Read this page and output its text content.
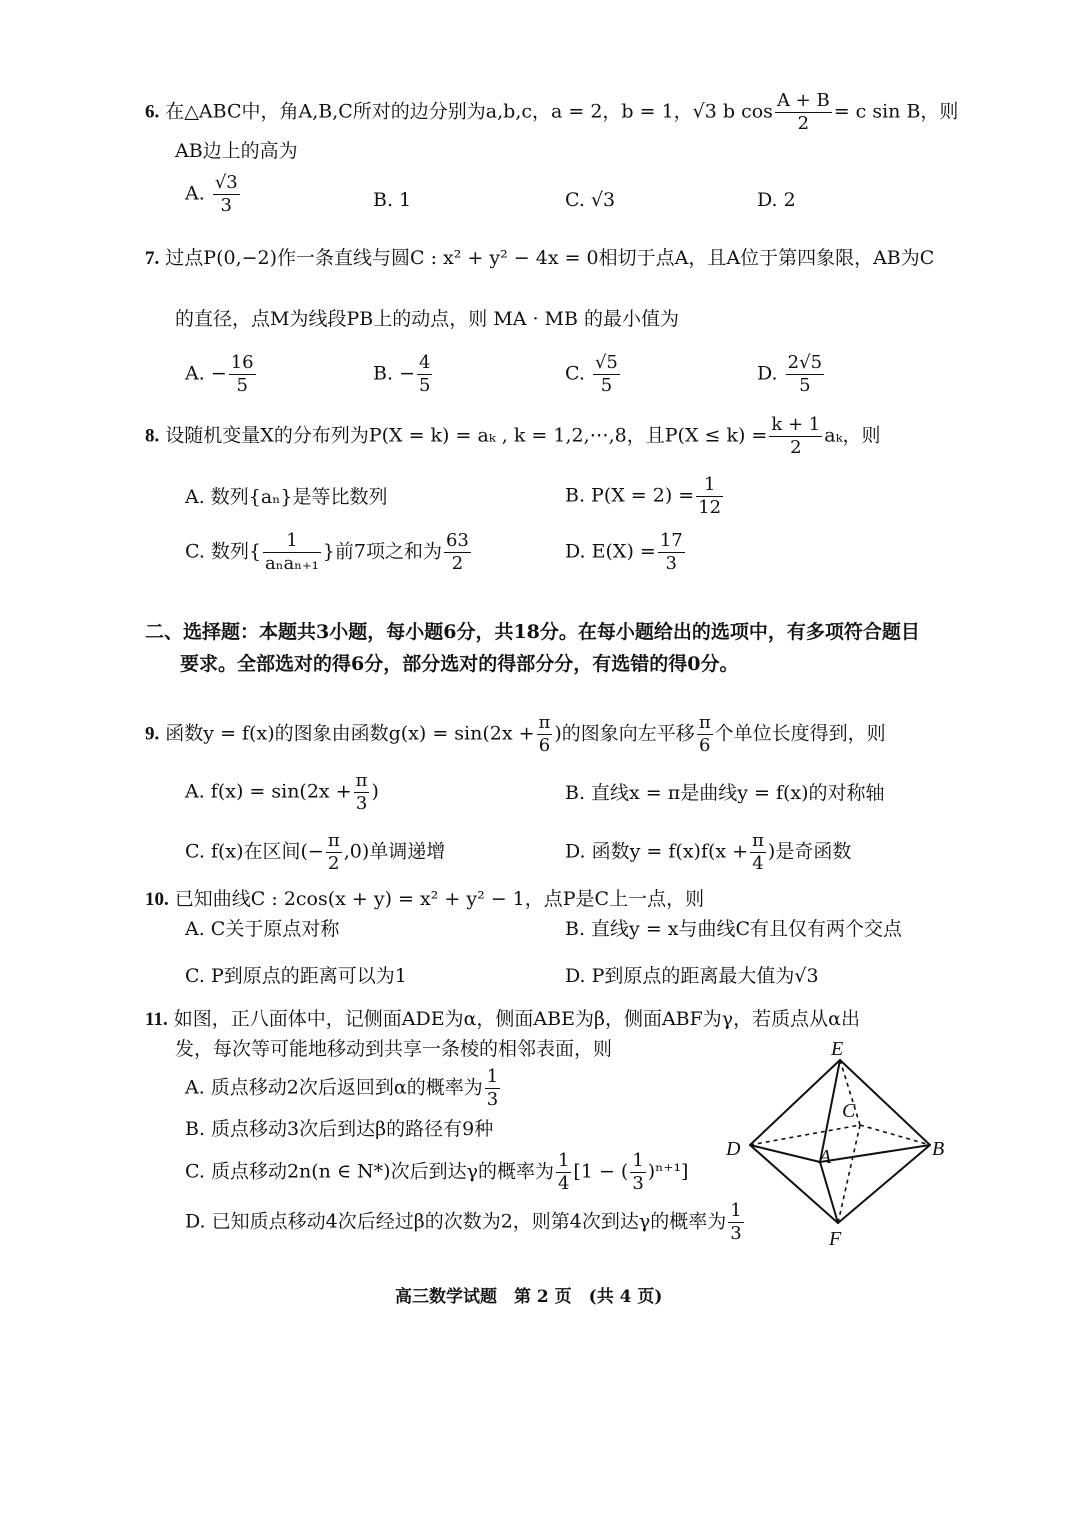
6. 在△ABC中，角A,B,C所对的边分别为a,b,c，a = 2，b = 1，√3 b $\cos \frac{A + B}{2} = c$ sin B，则
AB边上的高为
A. $\frac{√3}{3}$	B. 1	C. √3	D. 2
7. 过点P(0,−2)作一条直线与圆C : x² + y² − 4x = 0相切于点A，且A位于第四象限，AB为C
的直径，点M为线段PB上的动点，则 MA · MB 的最小值为
A. − $\frac{16}{5}$	B. − $\frac{4}{5}$	C. $\frac{√5}{5}$	D. $\frac{2√5}{5}$
8. 设随机变量X的分布列为P(X = k) = aₖ , k = 1,2,⋯,8，且$P(X \le k) = \frac{k + 1}{2}$ aₖ，则
A. 数列{aₙ}是等比数列	B. $P(X = 2) = \frac{1}{12}$
C. 数列{ $\frac{1}{\text{aₙaₙ₊₁}}$ }前7项之和为 $\frac{63}{2}$	D. $E(X) = \frac{17}{3}$
二、选择题：本题共3小题，每小题6分，共18分。在每小题给出的选项中，有多项符合题目
要求。全部选对的得6分，部分选对的得部分分，有选错的得0分。
9. 函数y = f(x)的图象由函数$g(x) = \sin(2x + \frac{\pi}{6}$ )的图象向左平移 $\frac{\pi}{6}$ 个单位长度得到，则
A. $f(x) = \sin(2x + \frac{\pi}{3}$ )	B. 直线x = π是曲线y = f(x)的对称轴
C. f(x)在区间(− $\frac{\pi}{2} ,0$)单调递增	D. 函数$y = f(x)f(x + \frac{\pi}{4}$ )是奇函数
10. 已知曲线C : 2cos(x + y) = x² + y² − 1，点P是C上一点，则
A. C关于原点对称	B. 直线y = x与曲线C有且仅有两个交点
C. P到原点的距离可以为1	D. P到原点的距离最大值为√3
11. 如图，正八面体中，记侧面ADE为α，侧面ABE为β，侧面ABF为γ，若质点从α出
发，每次等可能地移动到共享一条棱的相邻表面，则
A. 质点移动2次后返回到α的概率为 $\frac{1}{3}$
B. 质点移动3次后到达β的路径有9种
C. 质点移动2n(n ∈ N*)次后到达γ的概率为 $\frac{1}{4} [1$ − ( $\frac{1}{3} )^{n+1}$]
D. 已知质点移动4次后经过β的次数为2，则第4次到达γ的概率为 $\frac{1}{3}$
E
C
D	A	B
F
高三数学试题　第 2 页　(共 4 页)
